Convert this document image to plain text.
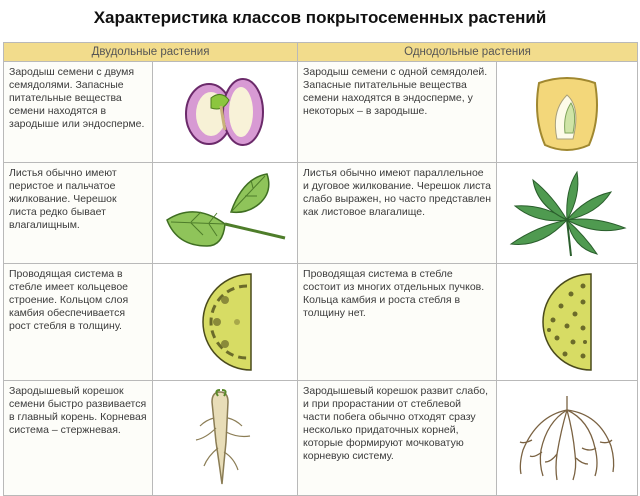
Характеристика классов покрытосеменных растений
Двудольные растения		Однодольные растения	
Зародыш семени с двумя семядолями. Запасные питательные вещества семени находятся в зародыше или эндосперме.		Зародыш семени с одной семядолей. Запасные питательные вещества семени находятся в эндосперме, у некоторых – в зародыше.	

Листья обычно имеют перистое и пальчатое жилкование. Черешок листа редко бывает влагалищным.		Листья обычно имеют параллельное и дуговое жилкование. Черешок листа слабо выражен, но часто представлен как листовое влагалище.	

Проводящая система в стебле имеет кольцевое строение. Кольцом слоя камбия обеспечивается рост стебля в толщину.		Проводящая система в стебле состоит из многих отдельных пучков. Кольца камбия и роста стебля в толщину нет.	

Зародышевый корешок семени быстро развивается в главный корень. Корневая система – стержневая.		Зародышевый корешок развит слабо, и при прорастании от стеблевой части побега обычно отходят сразу несколько придаточных корней, которые формируют мочковатую корневую систему.	
